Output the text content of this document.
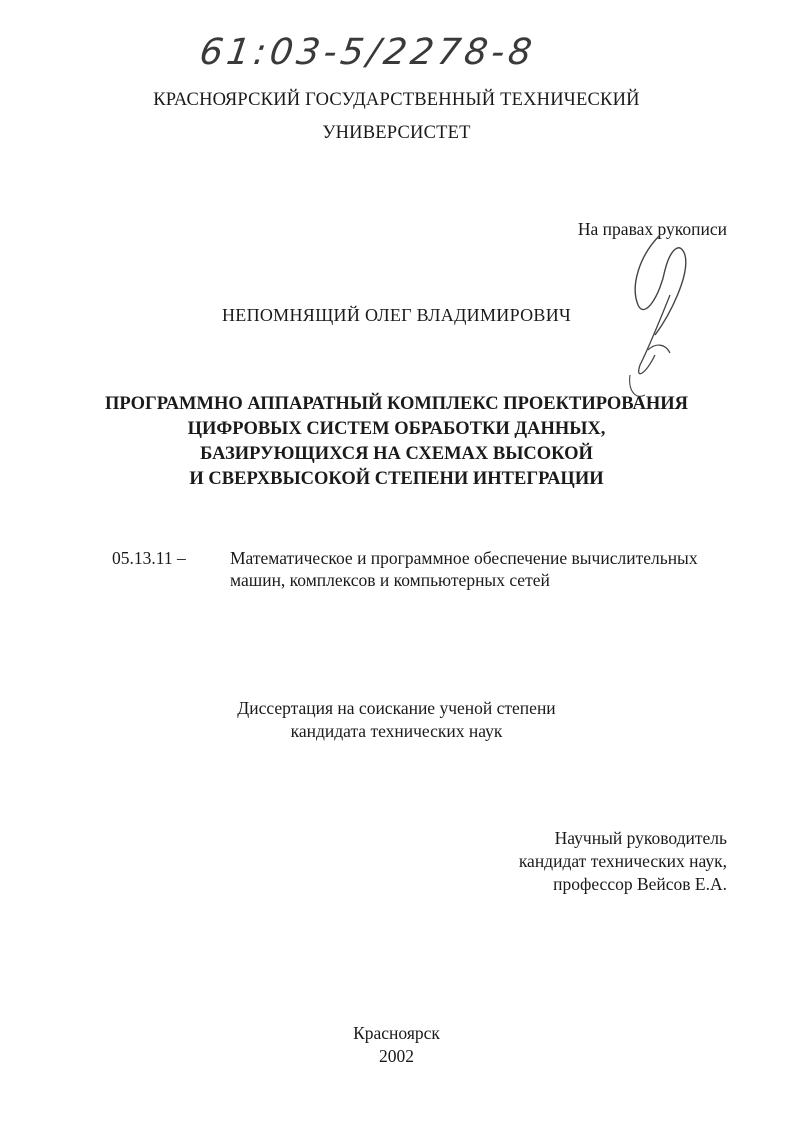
61:03-5/2278-8
КРАСНОЯРСКИЙ ГОСУДАРСТВЕННЫЙ ТЕХНИЧЕСКИЙ
УНИВЕРСИСТЕТ
На правах рукописи
НЕПОМНЯЩИЙ ОЛЕГ ВЛАДИМИРОВИЧ
ПРОГРАММНО АППАРАТНЫЙ КОМПЛЕКС ПРОЕКТИРОВАНИЯ
ЦИФРОВЫХ СИСТЕМ ОБРАБОТКИ ДАННЫХ,
БАЗИРУЮЩИХСЯ НА СХЕМАХ ВЫСОКОЙ
И СВЕРХВЫСОКОЙ СТЕПЕНИ ИНТЕГРАЦИИ
05.13.11 –	Математическое и программное обеспечение вычислительных
машин, комплексов и компьютерных сетей
Диссертация на соискание ученой степени
кандидата технических наук
Научный руководитель
кандидат технических наук,
профессор Вейсов Е.А.
Красноярск
2002
